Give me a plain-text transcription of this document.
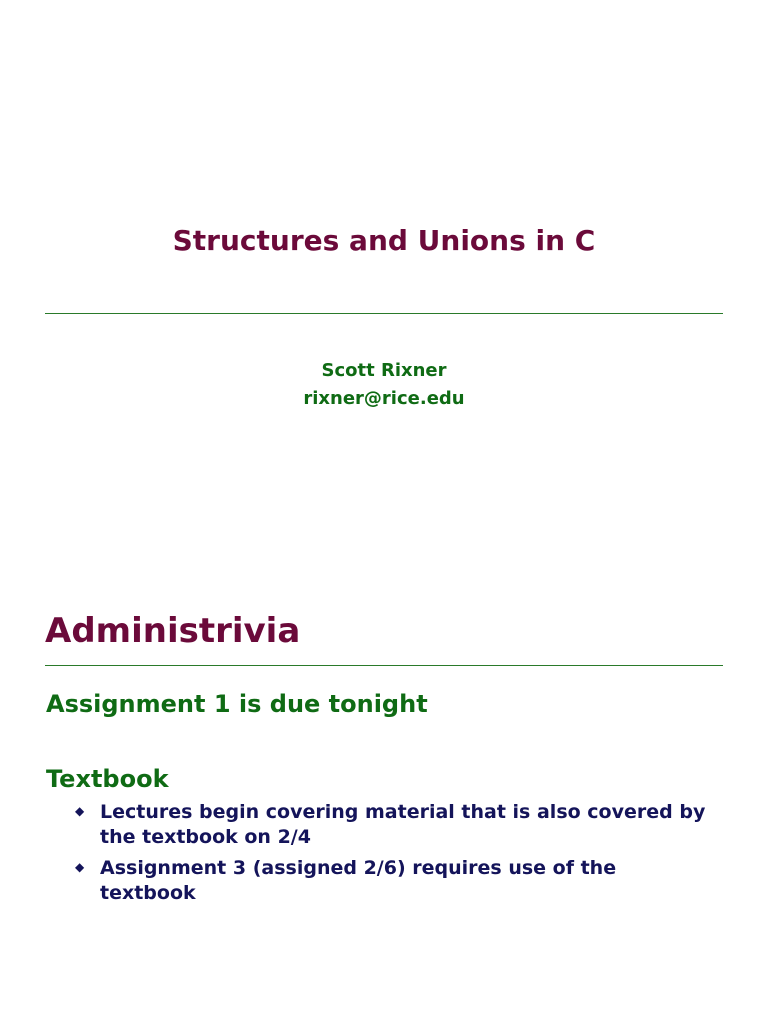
Structures and Unions in C
Scott Rixner
rixner@rice.edu
Administrivia
Assignment 1 is due tonight
Textbook
◆ Lectures begin covering material that is also covered by the textbook on 2/4
◆ Assignment 3 (assigned 2/6) requires use of the textbook
